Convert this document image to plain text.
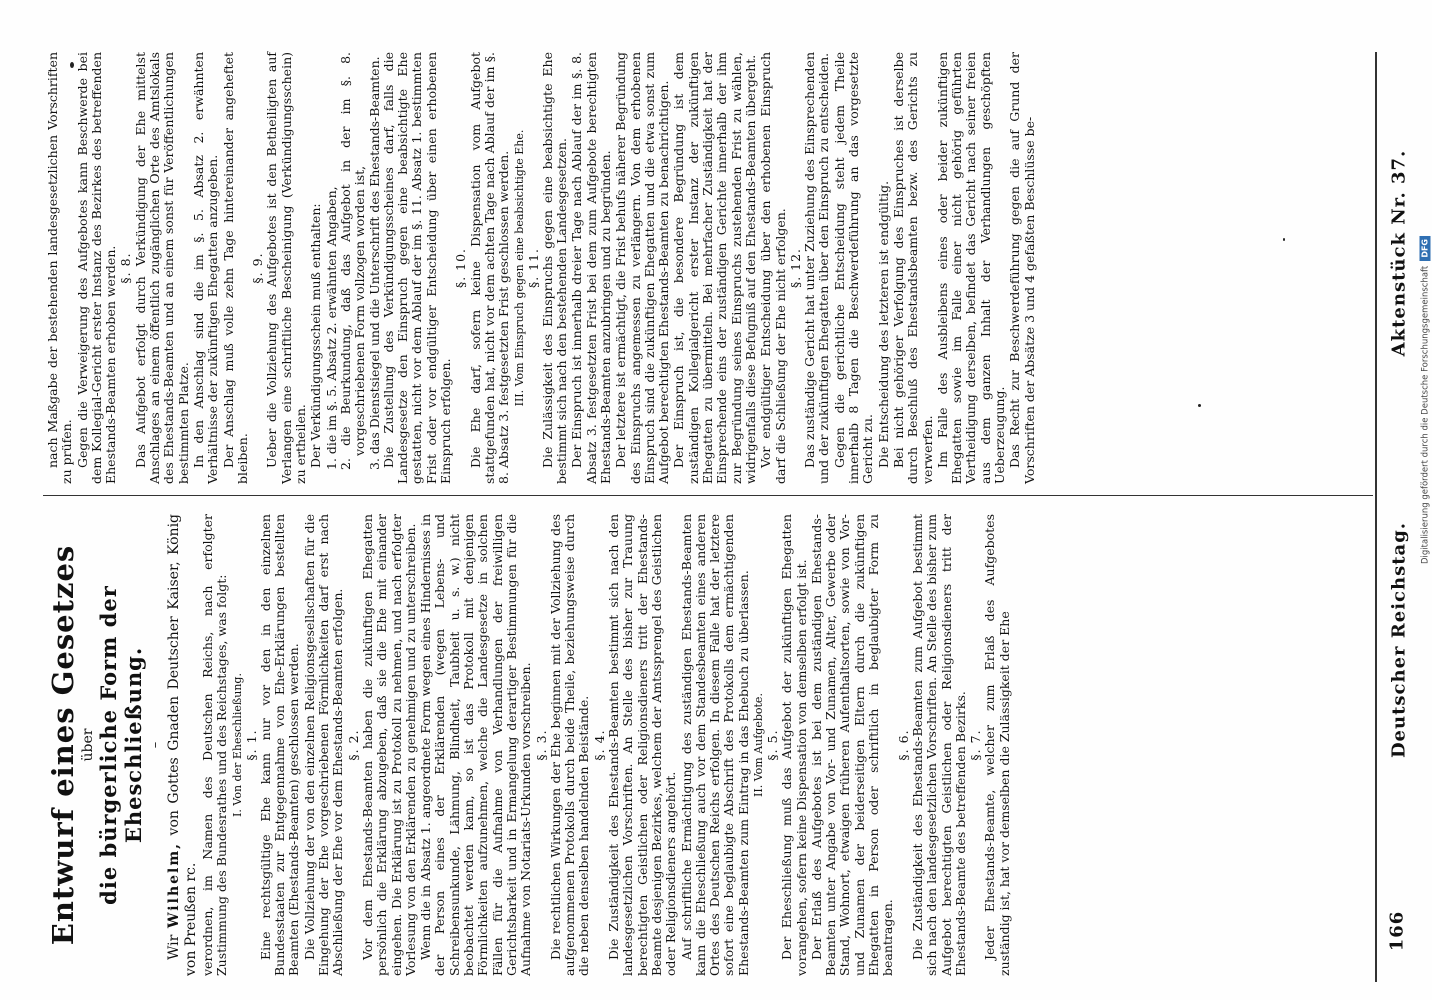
Digitalisierung gefördert durch die Deutsche Forschungsgemeinschaft DFG
166
Deutscher Reichstag.
Aktenstück Nr. 37.

Entwurf eines Gesetzes über die bürgerliche Form der Eheschließung. –

Wir Wilhelm, von Gottes Gnaden Deutscher Kaiser, König von Preußen rc. verordnen, im Namen des Deutschen Reichs, nach erfolgter Zustimmung des Bundesrathes und des Reichstages, was folgt: I. Von der Eheschließung. §. 1. Eine rechtsgültige Ehe kann nur vor den in den einzelnen Bundesstaaten zur Entgegennahme von Ehe-Erklärungen bestellten Beamten (Ehestands-Beamten) geschlossen werden. Die Vollziehung der von den einzelnen Religionsgesellschaften für die Eingehung der Ehe vorgeschriebenen Förmlichkeiten darf erst nach Abschließung der Ehe vor dem Ehestands-Beamten erfolgen. §. 2. Vor dem Ehestands-Beamten haben die zukünftigen Ehegatten persönlich die Erklärung abzugeben, daß sie die Ehe mit einander eingehen. Die Erklärung ist zu Protokoll zu nehmen, und nach erfolgter Vorlesung von den Erklärenden zu genehmigen und zu unterschreiben. Wenn die in Absatz 1. angeordnete Form wegen eines Hindernisses in der Person eines der Erklärenden (wegen Lebens- und Schreibensunkunde, Lähmung, Blindheit, Taubheit u. s. w.) nicht beobachtet werden kann, so ist das Protokoll mit denjenigen Förmlichkeiten aufzunehmen, welche die Landesgesetze in solchen Fällen für die Aufnahme von Verhandlungen der freiwilligen Gerichtsbarkeit und in Ermangelung derartiger Bestimmungen für die Aufnahme von Notariats-Urkunden vorschreiben. §. 3. Die rechtlichen Wirkungen der Ehe beginnen mit der Vollziehung des aufgenommenen Protokolls durch beide Theile, beziehungsweise durch die neben denselben handelnden Beistände. §. 4. Die Zuständigkeit des Ehestands-Beamten bestimmt sich nach den landesgesetzlichen Vorschriften. An Stelle des bisher zur Trauung berechtigten Geistlichen oder Religionsdieners tritt der Ehestands-Beamte desjenigen Bezirkes, welchem der Amtssprengel des Geistlichen oder Religionsdieners angehört. Auf schriftliche Ermächtigung des zuständigen Ehestands-Beamten kann die Eheschließung auch vor dem Standesbeamten eines anderen Ortes des Deutschen Reichs erfolgen. In diesem Falle hat der letztere sofort eine beglaubigte Abschrift des Protokolls dem ermächtigenden Ehestands-Beamten zum Eintrag in das Ehebuch zu überlassen. II. Vom Aufgebote. §. 5. Der Eheschließung muß das Aufgebot der zukünftigen Ehegatten vorangehen, sofern keine Dispensation von demselben erfolgt ist. Der Erlaß des Aufgebotes ist bei dem zuständigen Ehestands-Beamten unter Angabe von Vor- und Zunamen, Alter, Gewerbe oder Stand, Wohnort, etwaigen früheren Aufenthaltsorten, sowie von Vor- und Zunamen der beiderseitigen Eltern durch die zukünftigen Ehegatten in Person oder schriftlich in beglaubigter Form zu beantragen.

§. 6. Die Zuständigkeit des Ehestands-Beamten zum Aufgebot bestimmt sich nach den landesgesetzlichen Vorschriften. An Stelle des bisher zum Aufgebot berechtigten Geistlichen oder Religionsdieners tritt der Ehestands-Beamte des betreffenden Bezirks. §. 7. Jeder Ehestands-Beamte, welcher zum Erlaß des Aufgebotes zuständig ist, hat vor demselben die Zulässigkeit der Ehe

nach Maßgabe der bestehenden landesgesetzlichen Vorschriften zu prüfen. Gegen die Verweigerung des Aufgebotes kann Beschwerde bei dem Kollegial-Gericht erster Instanz des Bezirkes des betreffenden Ehestands-Beamten erhoben werden. §. 8. Das Aufgebot erfolgt durch Verkündigung der Ehe mittelst Anschlages an einem öffentlich zugänglichen Orte des Amtslokals des Ehestands-Beamten und an einem sonst für Veröffentlichungen bestimmten Platze. In den Anschlag sind die im §. 5. Absatz 2. erwähnten Verhältnisse der zukünftigen Ehegatten anzugeben. Der Anschlag muß volle zehn Tage hintereinander angeheftet bleiben.

§. 9. Ueber die Vollziehung des Aufgebotes ist den Betheiligten auf Verlangen eine schriftliche Bescheinigung (Verkündigungsschein) zu ertheilen. Der Verkündigungsschein muß enthalten: 1. die im §. 5. Absatz 2. erwähnten Angaben, 2. die Beurkundung, daß das Aufgebot in der im §. 8. vorgeschriebenen Form vollzogen worden ist, 3. das Dienstsiegel und die Unterschrift des Ehestands-Beamten. Die Zustellung des Verkündigungsscheines darf, falls die Landesgesetze den Einspruch gegen eine beabsichtigte Ehe gestatten, nicht vor dem Ablauf der im §. 11. Absatz 1. bestimmten Frist oder vor endgültiger Entscheidung über einen erhobenen Einspruch erfolgen.

§. 10. Die Ehe darf, sofern keine Dispensation vom Aufgebot stattgefunden hat, nicht vor dem achten Tage nach Ablauf der im §. 8. Absatz 3. festgesetzten Frist geschlossen werden. III. Vom Einspruch gegen eine beabsichtigte Ehe. §. 11. Die Zulässigkeit des Einspruchs gegen eine beabsichtigte Ehe bestimmt sich nach den bestehenden Landesgesetzen. Der Einspruch ist innerhalb dreier Tage nach Ablauf der im §. 8. Absatz 3. festgesetzten Frist bei dem zum Aufgebote berechtigten Ehestands-Beamten anzubringen und zu begründen. Der letztere ist ermächtigt, die Frist behufs näherer Begründung des Einspruchs angemessen zu verlängern. Von dem erhobenen Einspruch sind die zukünftigen Ehegatten und die etwa sonst zum Aufgebot berechtigten Ehestands-Beamten zu benachrichtigen. Der Einspruch ist, die besondere Begründung ist dem zuständigen Kollegialgericht erster Instanz der zukünftigen Ehegatten zu übermitteln. Bei mehrfacher Zuständigkeit hat der Einsprechende eins der zuständigen Gerichte innerhalb der ihm zur Begründung seines Einspruchs zustehenden Frist zu wählen, widrigenfalls diese Befugniß auf den Ehestands-Beamten übergeht. Vor endgültiger Entscheidung über den erhobenen Einspruch darf die Schließung der Ehe nicht erfolgen. §. 12. Das zuständige Gericht hat unter Zuziehung des Einsprechenden und der zukünftigen Ehegatten über den Einspruch zu entscheiden. Gegen die gerichtliche Entscheidung steht jedem Theile innerhalb 8 Tagen die Beschwerdeführung an das vorgesetzte Gericht zu. Die Entscheidung des letzteren ist endgültig. Bei nicht gehöriger Verfolgung des Einspruches ist derselbe durch Beschluß des Ehestandsbeamten bezw. des Gerichts zu verwerfen. Im Falle des Ausbleibens eines oder beider zukünftigen Ehegatten sowie im Falle einer nicht gehörig geführten Vertheidigung derselben, befindet das Gericht nach seiner freien aus dem ganzen Inhalt der Verhandlungen geschöpften Ueberzeugung. Das Recht zur Beschwerdeführung gegen die auf Grund der Vorschriften der Absätze 3 und 4 gefaßten Beschlüsse be-
